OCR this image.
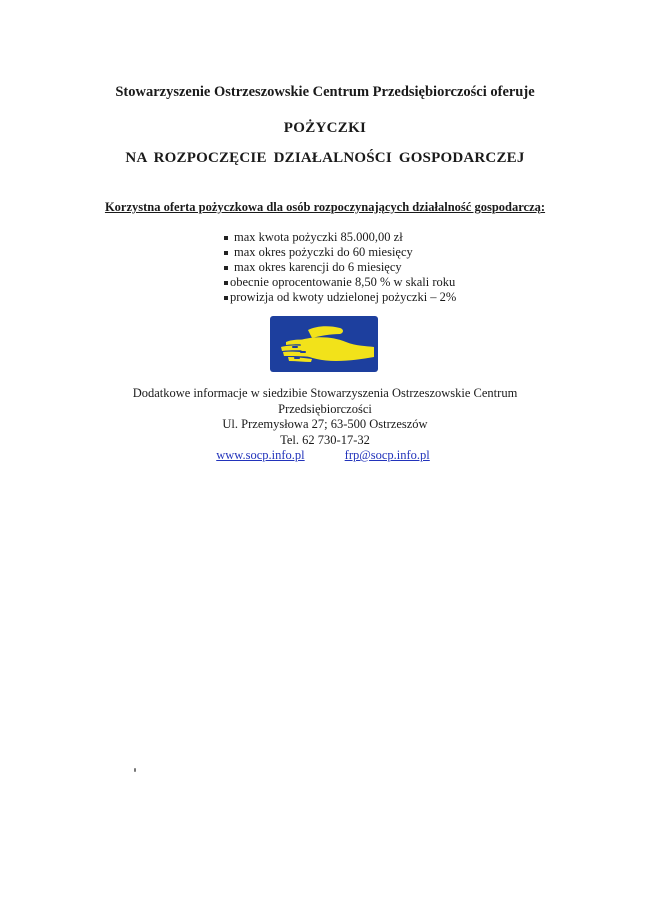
Stowarzyszenie Ostrzeszowskie Centrum Przedsiębiorczości oferuje

POŻYCZKI

NA ROZPOCZĘCIE DZIAŁALNOŚCI GOSPODARCZEJ

Korzystna oferta pożyczkowa dla osób rozpoczynających działalność gospodarczą:

max kwota pożyczki 85.000,00 zł
max okres pożyczki do 60 miesięcy
max okres karencji do 6 miesięcy
obecnie oprocentowanie 8,50 % w skali roku
prowizja od kwoty udzielonej pożyczki – 2%

Dodatkowe informacje w siedzibie Stowarzyszenia Ostrzeszowskie Centrum

Przedsiębiorczości

Ul. Przemysłowa 27; 63-500 Ostrzeszów

Tel. 62 730-17-32

www.socp.info.pl	frp@socp.info.pl
